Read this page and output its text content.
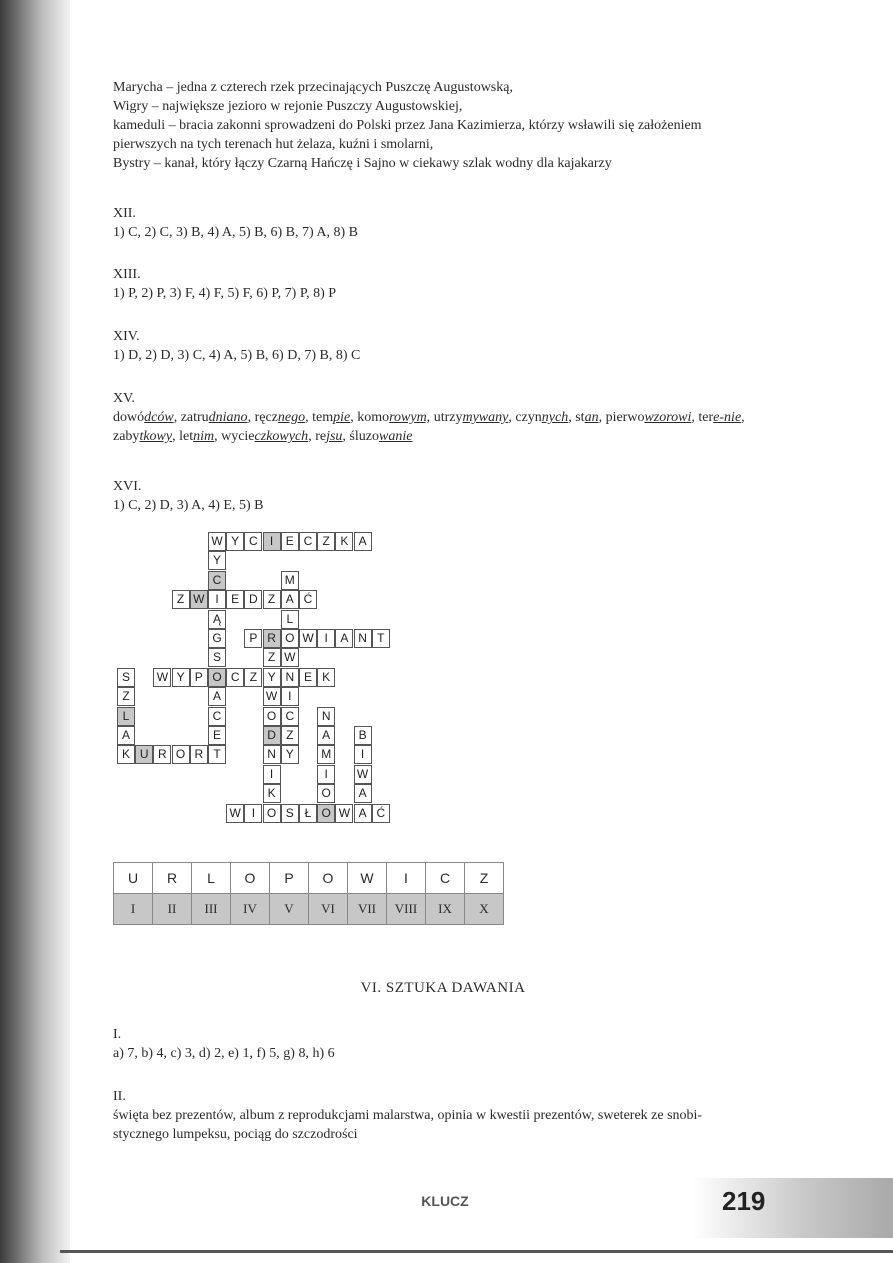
Marycha – jedna z czterech rzek przecinających Puszczę Augustowską,

Wigry – największe jezioro w rejonie Puszczy Augustowskiej,

kameduli – bracia zakonni sprowadzeni do Polski przez Jana Kazimierza, którzy wsławili się założeniem

pierwszych na tych terenach hut żelaza, kuźni i smolarni,

Bystry – kanał, który łączy Czarną Hańczę i Sajno w ciekawy szlak wodny dla kajakarzy

XII.

1) C, 2) C, 3) B, 4) A, 5) B, 6) B, 7) A, 8) B

XIII.

1) P, 2) P, 3) F, 4) F, 5) F, 6) P, 7) P, 8) P

XIV.

1) D, 2) D, 3) C, 4) A, 5) B, 6) D, 7) B, 8) C

XV.

dowódców, zatrudniano, ręcznego, tempie, komorowym, utrzymywany, czynnych, stan, pierwowzorowi, tere-nie, zabytkowy, letnim, wycieczkowych, rejsu, śluzowanie

XVI.

1) C, 2) D, 3) A, 4) E, 5) B

W Y C	I	E C Z K A
Y
C
I
Ą
G
Z W	E D Z A Ć
M
L
O
W
N
I
C
Z
Y
P R	W I	A N T
Z
Y
W
O
D
N
I
K
S
O
A
C
E
T
W Y P	C Z	E K
S
Z
L
A
K U R O R
N
A
M
I
O
O
B
I
W
A
A
W I O S Ł	W	Ć
U	R	L	O	P	O	W	I	C	Z
I	II	III	IV	V	VI	VII	VIII	IX	X
VI. SZTUKA DAWANIA

I.

a) 7, b) 4, c) 3, d) 2, e) 1, f) 5, g) 8, h) 6

II.

święta bez prezentów, album z reprodukcjami malarstwa, opinia w kwestii prezentów, sweterek ze snobi-

stycznego lumpeksu, pociąg do szczodrości

KLUCZ	219
